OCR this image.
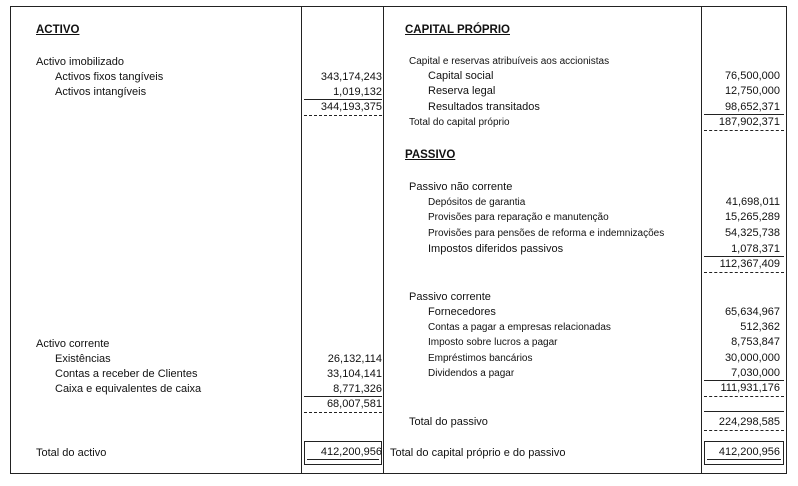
ACTIVO
Activo imobilizado
Activos fixos tangíveis	343,174,243
Activos intangíveis	1,019,132
344,193,375
Activo corrente
Existências	26,132,114
Contas a receber de Clientes	33,104,141
Caixa e equivalentes de caixa	8,771,326
68,007,581
Total do activo	412,200,956
CAPITAL PRÓPRIO
Capital e reservas atribuíveis aos accionistas
Capital social	76,500,000
Reserva legal	12,750,000
Resultados transitados	98,652,371
Total do capital próprio	187,902,371
PASSIVO
Passivo não corrente
Depósitos de garantia	41,698,011
Provisões para reparação e manutenção	15,265,289
Provisões para pensões de reforma e indemnizações	54,325,738
Impostos diferidos passivos	1,078,371
112,367,409
Passivo corrente
Fornecedores	65,634,967
Contas a pagar a empresas relacionadas	512,362
Imposto sobre lucros a pagar	8,753,847
Empréstimos bancários	30,000,000
Dividendos a pagar	7,030,000
111,931,176
Total do passivo	224,298,585
Total do capital próprio e do passivo	412,200,956
